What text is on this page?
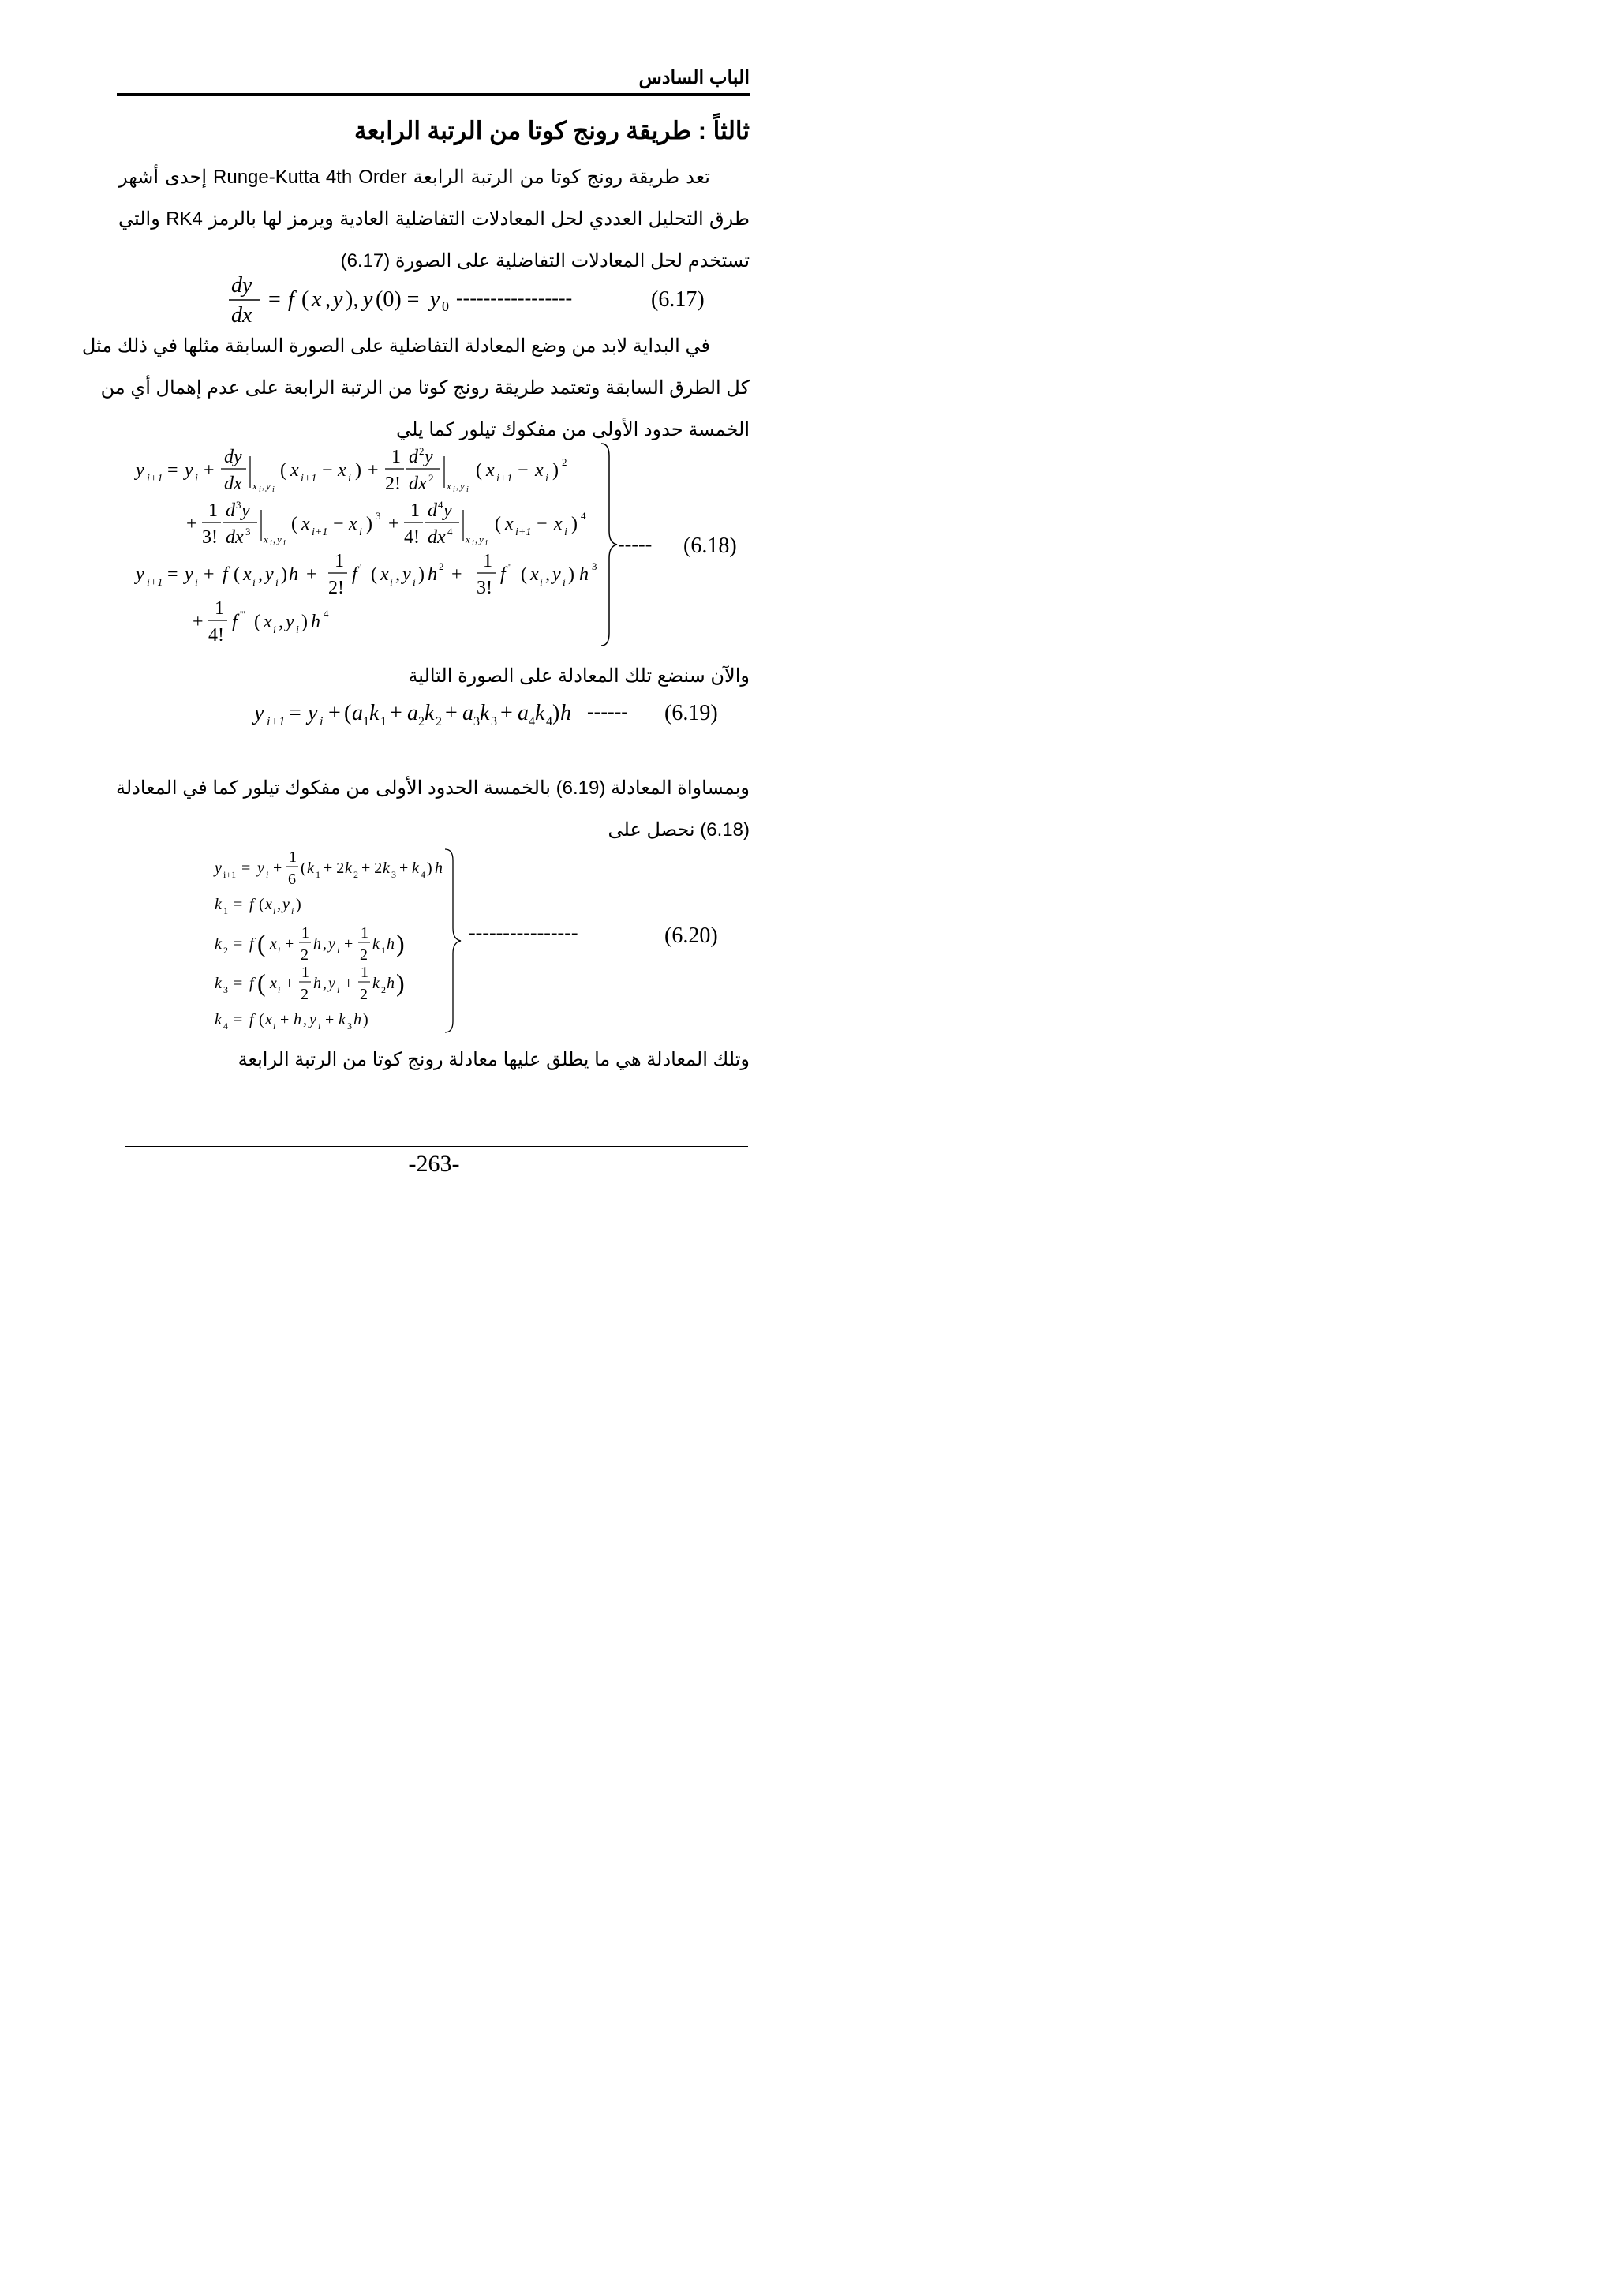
الباب السادس
ثالثاً : طريقة رونج كوتا من الرتبة الرابعة
تعد طريقة رونج كوتا من الرتبة الرابعة Runge-Kutta 4th Order إحدى أشهر
طرق التحليل العددي لحل المعادلات التفاضلية العادية ويرمز لها بالرمز RK4 والتي
تستخدم لحل المعادلات التفاضلية على الصورة (6.17)
dy
dx
= f ( x , y ), y (0) = y 0 -----------------	(6.17)
في البداية لابد من وضع المعادلة التفاضلية على الصورة السابقة مثلها في ذلك مثل
كل الطرق السابقة وتعتمد طريقة رونج كوتا من الرتبة الرابعة على عدم إهمال أي من
الخمسة حدود الأولى من مفكوك تيلور كما يلي
y i+1 = y i +
dy
dx x i , y i
( x i+1 − x i ) +
1
2!
d 2 y
dx 2
x i , y i
( x i+1 − x i ) 2
+
1
3!
d 3 y
dx 3
x i , y i
( x i+1 − x i ) 3 +
1
4!
d 4 y
dx 4
x i , y i
( x i+1 − x i ) 4
y i+1 = y i + f ( x i , y i ) h +
1
2!
f ' ( x i , y i ) h 2 +
1
3!
f '' ( x i , y i ) h 3
+
1
4!
f ''' ( x i , y i ) h 4
----- (6.18)
والآن سنضع تلك المعادلة على الصورة التالية
y i+1 = y i + ( a 1 k 1 + a 2 k 2 + a 3 k 3 + a 4 k 4 ) h ------ (6.19)
وبمساواة المعادلة (6.19) بالخمسة الحدود الأولى من مفكوك تيلور كما في المعادلة
(6.18) نحصل على
y i+1 = y i +
1
6
( k 1 + 2 k 2 + 2 k 3 + k 4 ) h
k 1 = f ( x i , y i )
k 2 = f ( x i +
1
2
h , y i +
1
2
k 1 h )
k 3 = f ( x i +
1
2
h , y i +
1
2
k 2 h )
k 4 = f ( x i + h , y i + k 3 h )
----------------	(6.20)
وتلك المعادلة هي ما يطلق عليها معادلة رونج كوتا من الرتبة الرابعة
-263-
